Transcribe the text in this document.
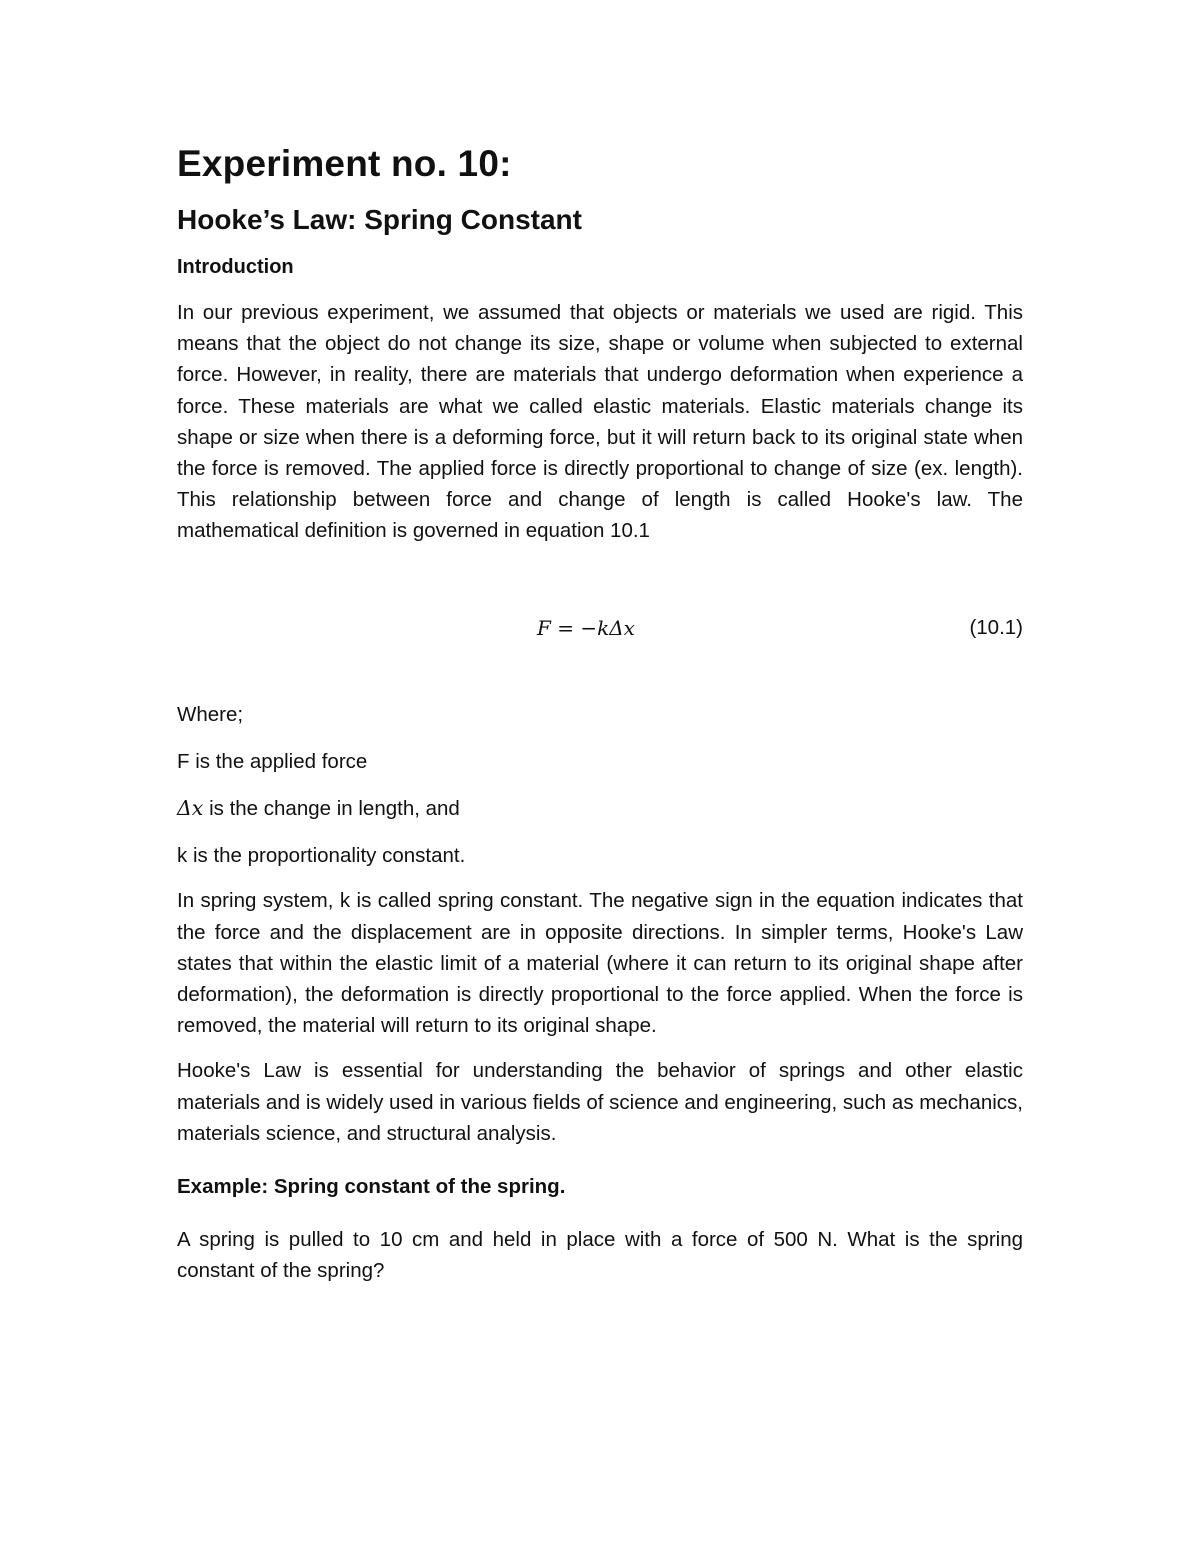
Experiment no. 10:
Hooke’s Law: Spring Constant
Introduction

In our previous experiment, we assumed that objects or materials we used are rigid. This means that the object do not change its size, shape or volume when subjected to external force. However, in reality, there are materials that undergo deformation when experience a force. These materials are what we called elastic materials. Elastic materials change its shape or size when there is a deforming force, but it will return back to its original state when the force is removed. The applied force is directly proportional to change of size (ex. length). This relationship between force and change of length is called Hooke's law. The mathematical definition is governed in equation 10.1

F = −kΔx	(10.1)

Where;

F is the applied force

Δx is the change in length, and

k is the proportionality constant.

In spring system, k is called spring constant. The negative sign in the equation indicates that the force and the displacement are in opposite directions. In simpler terms, Hooke's Law states that within the elastic limit of a material (where it can return to its original shape after deformation), the deformation is directly proportional to the force applied. When the force is removed, the material will return to its original shape.

Hooke's Law is essential for understanding the behavior of springs and other elastic materials and is widely used in various fields of science and engineering, such as mechanics, materials science, and structural analysis.

Example: Spring constant of the spring.

A spring is pulled to 10 cm and held in place with a force of 500 N. What is the spring constant of the spring?
